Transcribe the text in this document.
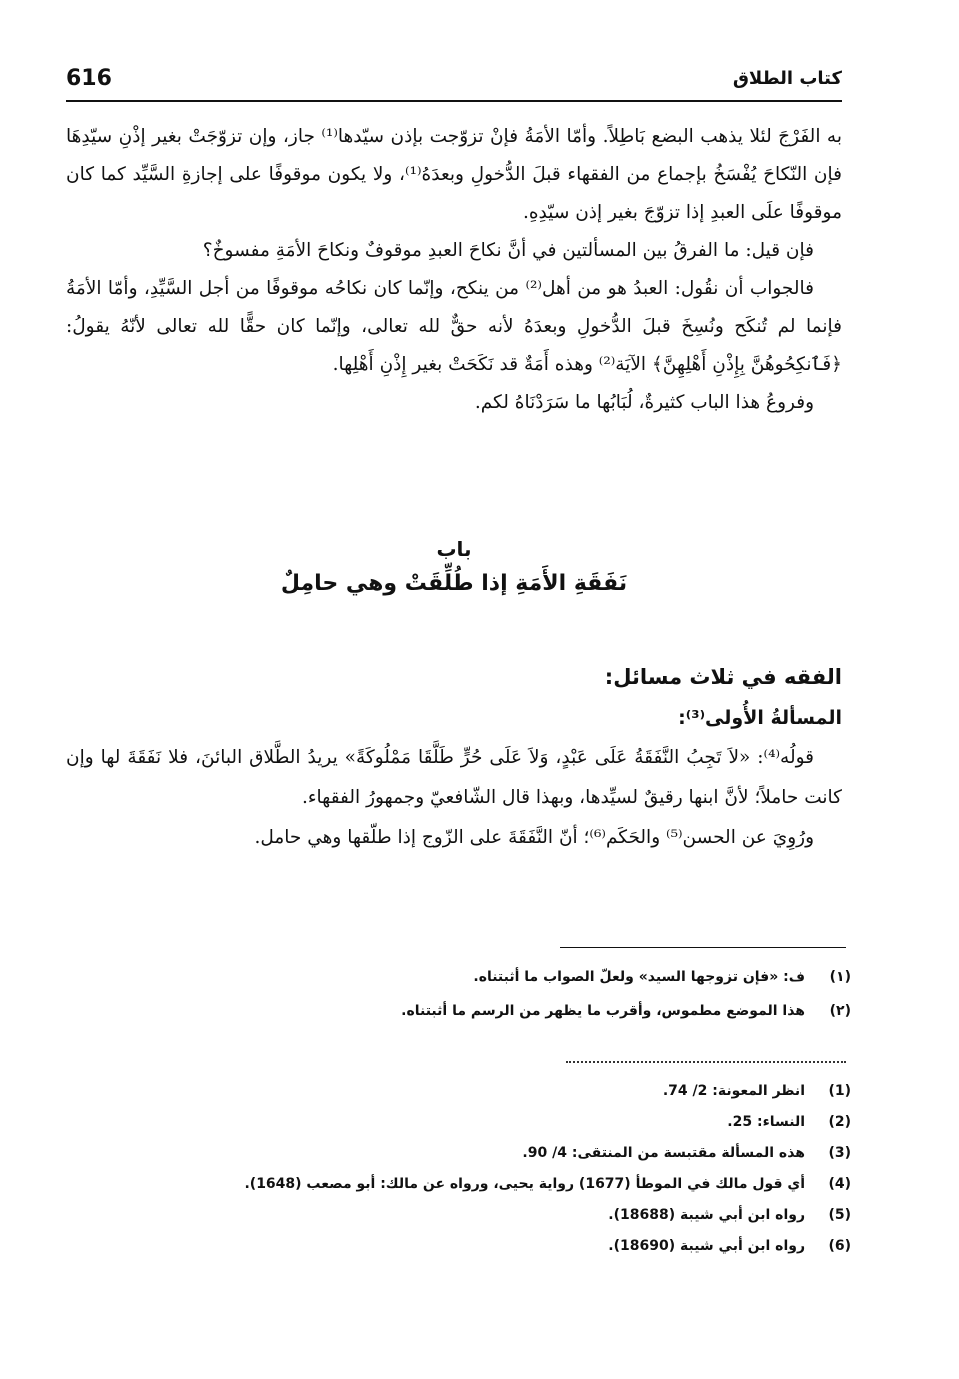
616	كتاب الطلاق

به الفَرْجَ لئلا يذهب البضع بَاطِلاً. وأمّا الأمَةُ فإنْ تزوّجت بإذن سيّدها⁽¹⁾ جاز، وإن تزوّجَتْ بغير إذْنِ سيّدِهَا فإن النّكاحَ يُفْسَخُ بإجماع من الفقهاء قبلَ الدُّخولِ وبعدَهُ⁽¹⁾، ولا يكون موقوفًا على إجازةِ السَّيِّد كما كان موقوفًا علَى العبدِ إذا تزوّجَ بغير إذن سيّدِهِ.

فإن قيل: ما الفرقُ بين المسألتين في أنَّ نكاحَ العبدِ موقوفٌ ونكاحَ الأمَةِ مفسوخٌ؟

فالجواب أن نقُول: العبدُ هو من أهل⁽²⁾ من ينكح، وإنّما كان نكاحُه موقوفًا من أجل السَّيِّدِ، وأمّا الأمَةُ فإنما لم تُنكَح ونُسِخَ قبلَ الدُّخولِ وبعدَهُ لأنه حقٌّ لله تعالى، وإنّما كان حقًّا لله تعالى لأنّهُ يقولُ: ﴿فَٱنكِحُوهُنَّ بِإِذْنِ أَهْلِهِنَّ﴾ الآيَة⁽²⁾ وهذه أَمَةٌ قد نَكَحَتْ بغير إِذْنِ أَهْلِها.

وفروعُ هذا الباب كثيرةٌ، لُبَابُها ما سَرَدْنَاهُ لكم.

باب
نَفَقَةِ الأَمَةِ إذا طُلِّقَتْ وهي حامِلٌ

الفقه في ثلاث مسائل:

المسألةُ الأُولى⁽³⁾:

قولُه⁽⁴⁾: «لاَ تَجِبُ النَّفَقَةُ عَلَى عَبْدٍ، وَلاَ عَلَى حُرٍّ طَلَّقَا مَمْلُوكَةً» يريدُ الطَّلاق البائنَ، فلا نَفَقَةَ لها وإن كانت حاملاً؛ لأنَّ ابنها رقيقٌ لسيِّدها، وبهذا قال الشّافعيّ وجمهورُ الفقهاء.

ورُوِيَ عن الحسن⁽⁵⁾ والحَكَم⁽⁶⁾؛ أنّ النَّفَقَةَ على الزّوج إذا طلّقها وهي حامل.

(١)
ف: «فإن تزوجها السيد» ولعلّ الصواب ما أثبتناه.
(٢)
هذا الموضع مطموس، وأقرب ما يظهر من الرسم ما أثبتناه.
(1)
انظر المعونة: 2/ 74.
(2)
النساء: 25.
(3)
هذه المسألة مقتبسة من المنتقى: 4/ 90.
(4)
أي قول مالك في الموطأ (1677) رواية يحيى، ورواه عن مالك: أبو مصعب (1648).
(5)
رواه ابن أبي شيبة (18688).
(6)
رواه ابن أبي شيبة (18690).
